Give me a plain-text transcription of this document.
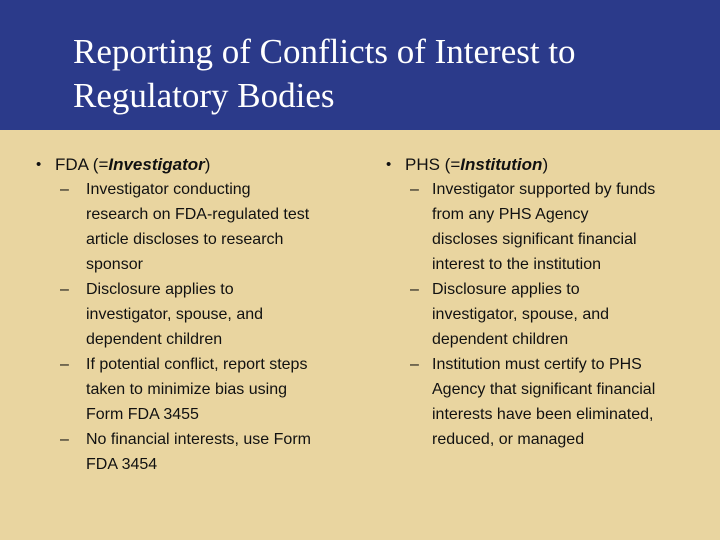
Reporting of Conflicts of Interest to
Regulatory Bodies
• FDA (=Investigator)
– Investigator conducting
research on FDA-regulated test
article discloses to research
sponsor
– Disclosure applies to
investigator, spouse, and
dependent children
– If potential conflict, report steps
taken to minimize bias using
Form FDA 3455
– No financial interests, use Form
FDA 3454
• PHS (=Institution)
– Investigator supported by funds
from any PHS Agency
discloses significant financial
interest to the institution
– Disclosure applies to
investigator, spouse, and
dependent children
– Institution must certify to PHS
Agency that significant financial
interests have been eliminated,
reduced, or managed
